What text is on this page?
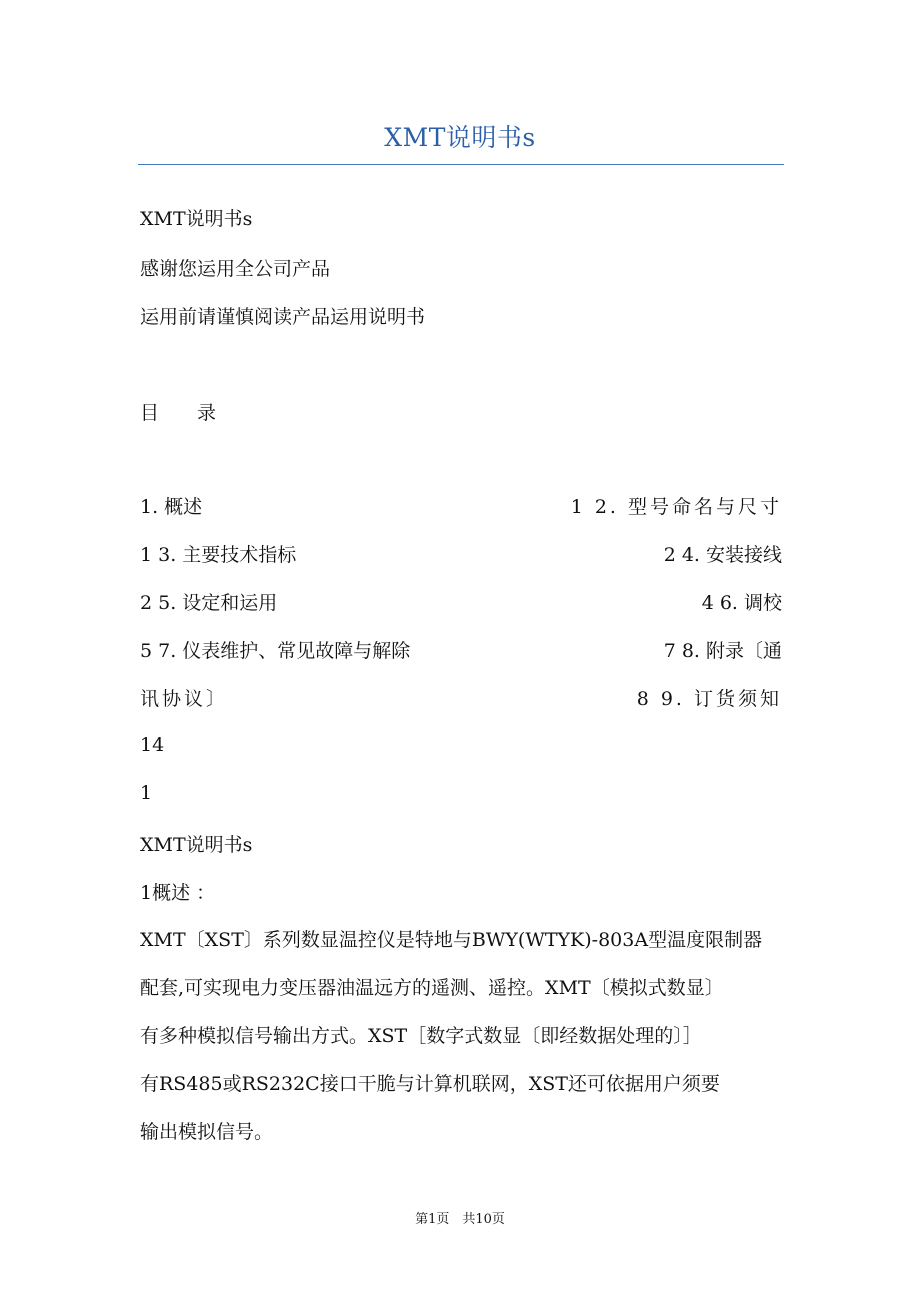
XMT说明书s
XMT说明书s
感谢您运用全公司产品
运用前请谨慎阅读产品运用说明书
目　　录
1. 概述	1 2. 型号命名与尺寸
1 3. 主要技术指标	2 4. 安装接线
2 5. 设定和运用	4 6. 调校
5 7. 仪表维护、常见故障与解除	7 8. 附录〔通
讯协议〕	8 9. 订货须知
14
1
XMT说明书s
1概述 ：
XMT〔XST〕系列数显温控仪是特地与BWY(WTYK)-803A型温度限制器
配套,可实现电力变压器油温远方的遥测、遥控。XMT〔模拟式数显〕
有多种模拟信号输出方式。XST［数字式数显〔即经数据处理的〕］
有RS485或RS232C接口干脆与计算机联网，XST还可依据用户须要
输出模拟信号。
第1页　共10页
